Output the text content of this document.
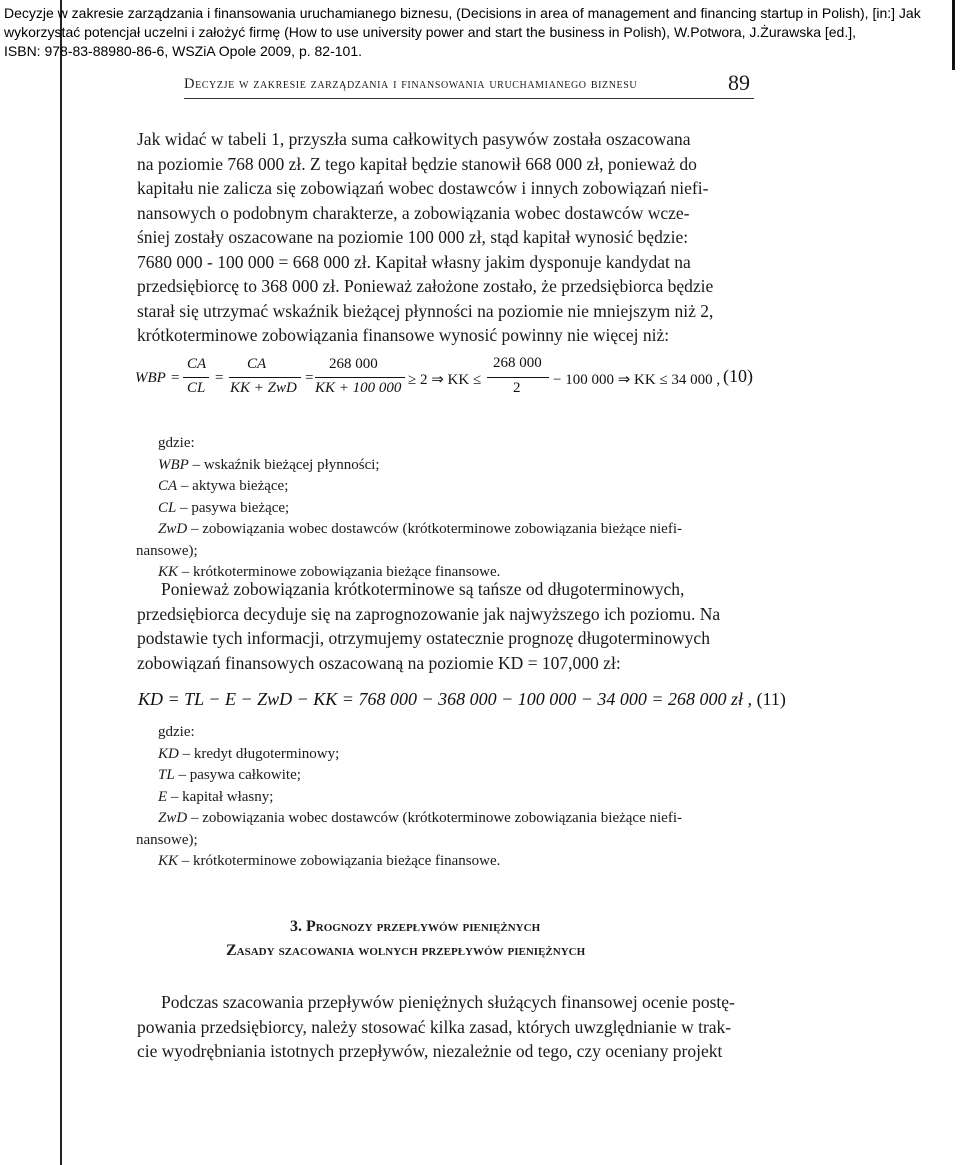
Decyzje w zakresie zarządzania i finansowania uruchamianego biznesu, (Decisions in area of management and financing startup in Polish), [in:] Jak
wykorzystać potencjał uczelni i założyć firmę (How to use university power and start the business in Polish), W.Potwora, J.Żurawska [ed.],
ISBN: 978-83-88980-86-6, WSZiA Opole 2009, p. 82-101.
Decyzje w zakresie zarządzania i finansowania uruchamianego biznesu	89
Jak widać w tabeli 1, przyszła suma całkowitych pasywów została oszacowana
na poziomie 768 000 zł. Z tego kapitał będzie stanowił 668 000 zł, ponieważ do
kapitału nie zalicza się zobowiązań wobec dostawców i innych zobowiązań niefi-
nansowych o podobnym charakterze, a zobowiązania wobec dostawców wcze-
śniej zostały oszacowane na poziomie 100 000 zł, stąd kapitał wynosić będzie:
7680 000 - 100 000 = 668 000 zł. Kapitał własny jakim dysponuje kandydat na
przedsiębiorcę to 368 000 zł. Ponieważ założone zostało, że przedsiębiorca będzie
starał się utrzymać wskaźnik bieżącej płynności na poziomie nie mniejszym niż 2,
krótkoterminowe zobowiązania finansowe wynosić powinny nie więcej niż:
WBP =
CA
CL
=
CA
KK + ZwD
=
268 000
KK + 100 000 ≥ 2 ⇒ KK ≤
268 000
2 − 100 000 ⇒ KK ≤ 34 000 , (10)
gdzie:
WBP – wskaźnik bieżącej płynności;
CA – aktywa bieżące;
CL – pasywa bieżące;
ZwD – zobowiązania wobec dostawców (krótkoterminowe zobowiązania bieżące niefi-
nansowe);
KK – krótkoterminowe zobowiązania bieżące finansowe.
Ponieważ zobowiązania krótkoterminowe są tańsze od długoterminowych,
przedsiębiorca decyduje się na zaprognozowanie jak najwyższego ich poziomu. Na
podstawie tych informacji, otrzymujemy ostatecznie prognozę długoterminowych
zobowiązań finansowych oszacowaną na poziomie KD = 107,000 zł:
KD = TL − E − ZwD − KK = 768 000 − 368 000 − 100 000 − 34 000 = 268 000 zł , (11)
gdzie:
KD – kredyt długoterminowy;
TL – pasywa całkowite;
E – kapitał własny;
ZwD – zobowiązania wobec dostawców (krótkoterminowe zobowiązania bieżące niefi-
nansowe);
KK – krótkoterminowe zobowiązania bieżące finansowe.
3. Prognozy przepływów pieniężnych
Zasady szacowania wolnych przepływów pieniężnych
Podczas szacowania przepływów pieniężnych służących finansowej ocenie postę-
powania przedsiębiorcy, należy stosować kilka zasad, których uwzględnianie w trak-
cie wyodrębniania istotnych przepływów, niezależnie od tego, czy oceniany projekt
